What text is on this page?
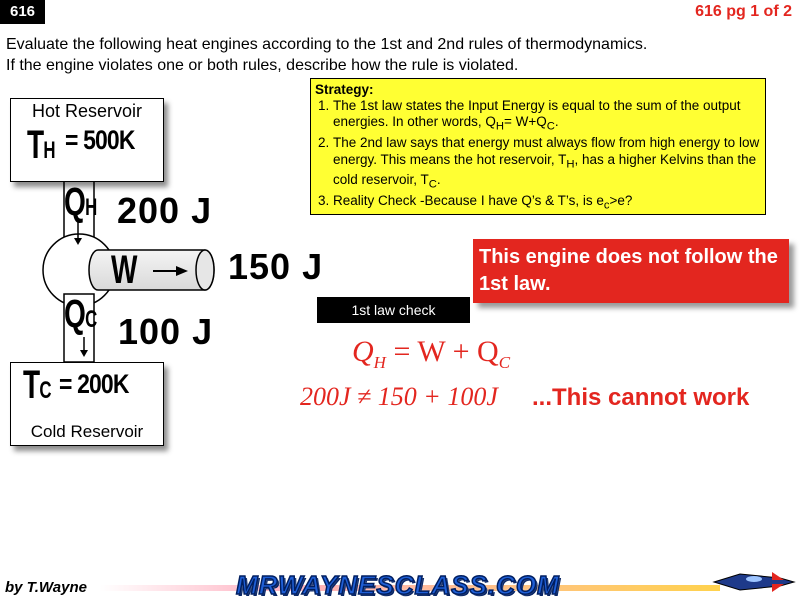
616	616 pg 1 of 2
Evaluate the following heat engines according to the 1st and 2nd rules of thermodynamics.
If the engine violates one or both rules, describe how the rule is violated.
Hot Reservoir
TH = 500K
TC = 200K
Cold Reservoir
QH 200 J
W	150 J
QC 100 J
Strategy:
1. The 1st law states the Input Energy is equal to the sum of the output energies. In other words, $Q_H= W+Q_C$.
2. The 2nd law says that energy must always flow from high energy to low energy. This means the hot reservoir, $T_H$, has a higher Kelvins than the cold reservoir, $T_C$.
3. Reality Check -Because I have Q’s & T’s, is $e_c>e$?
This engine does not follow the 1st law.
1st law check
$Q_H = W + Q_C$
200J ≠ 150 + 100J ...This cannot work
by T.Wayne	MRWAYNESCLASS.COM
